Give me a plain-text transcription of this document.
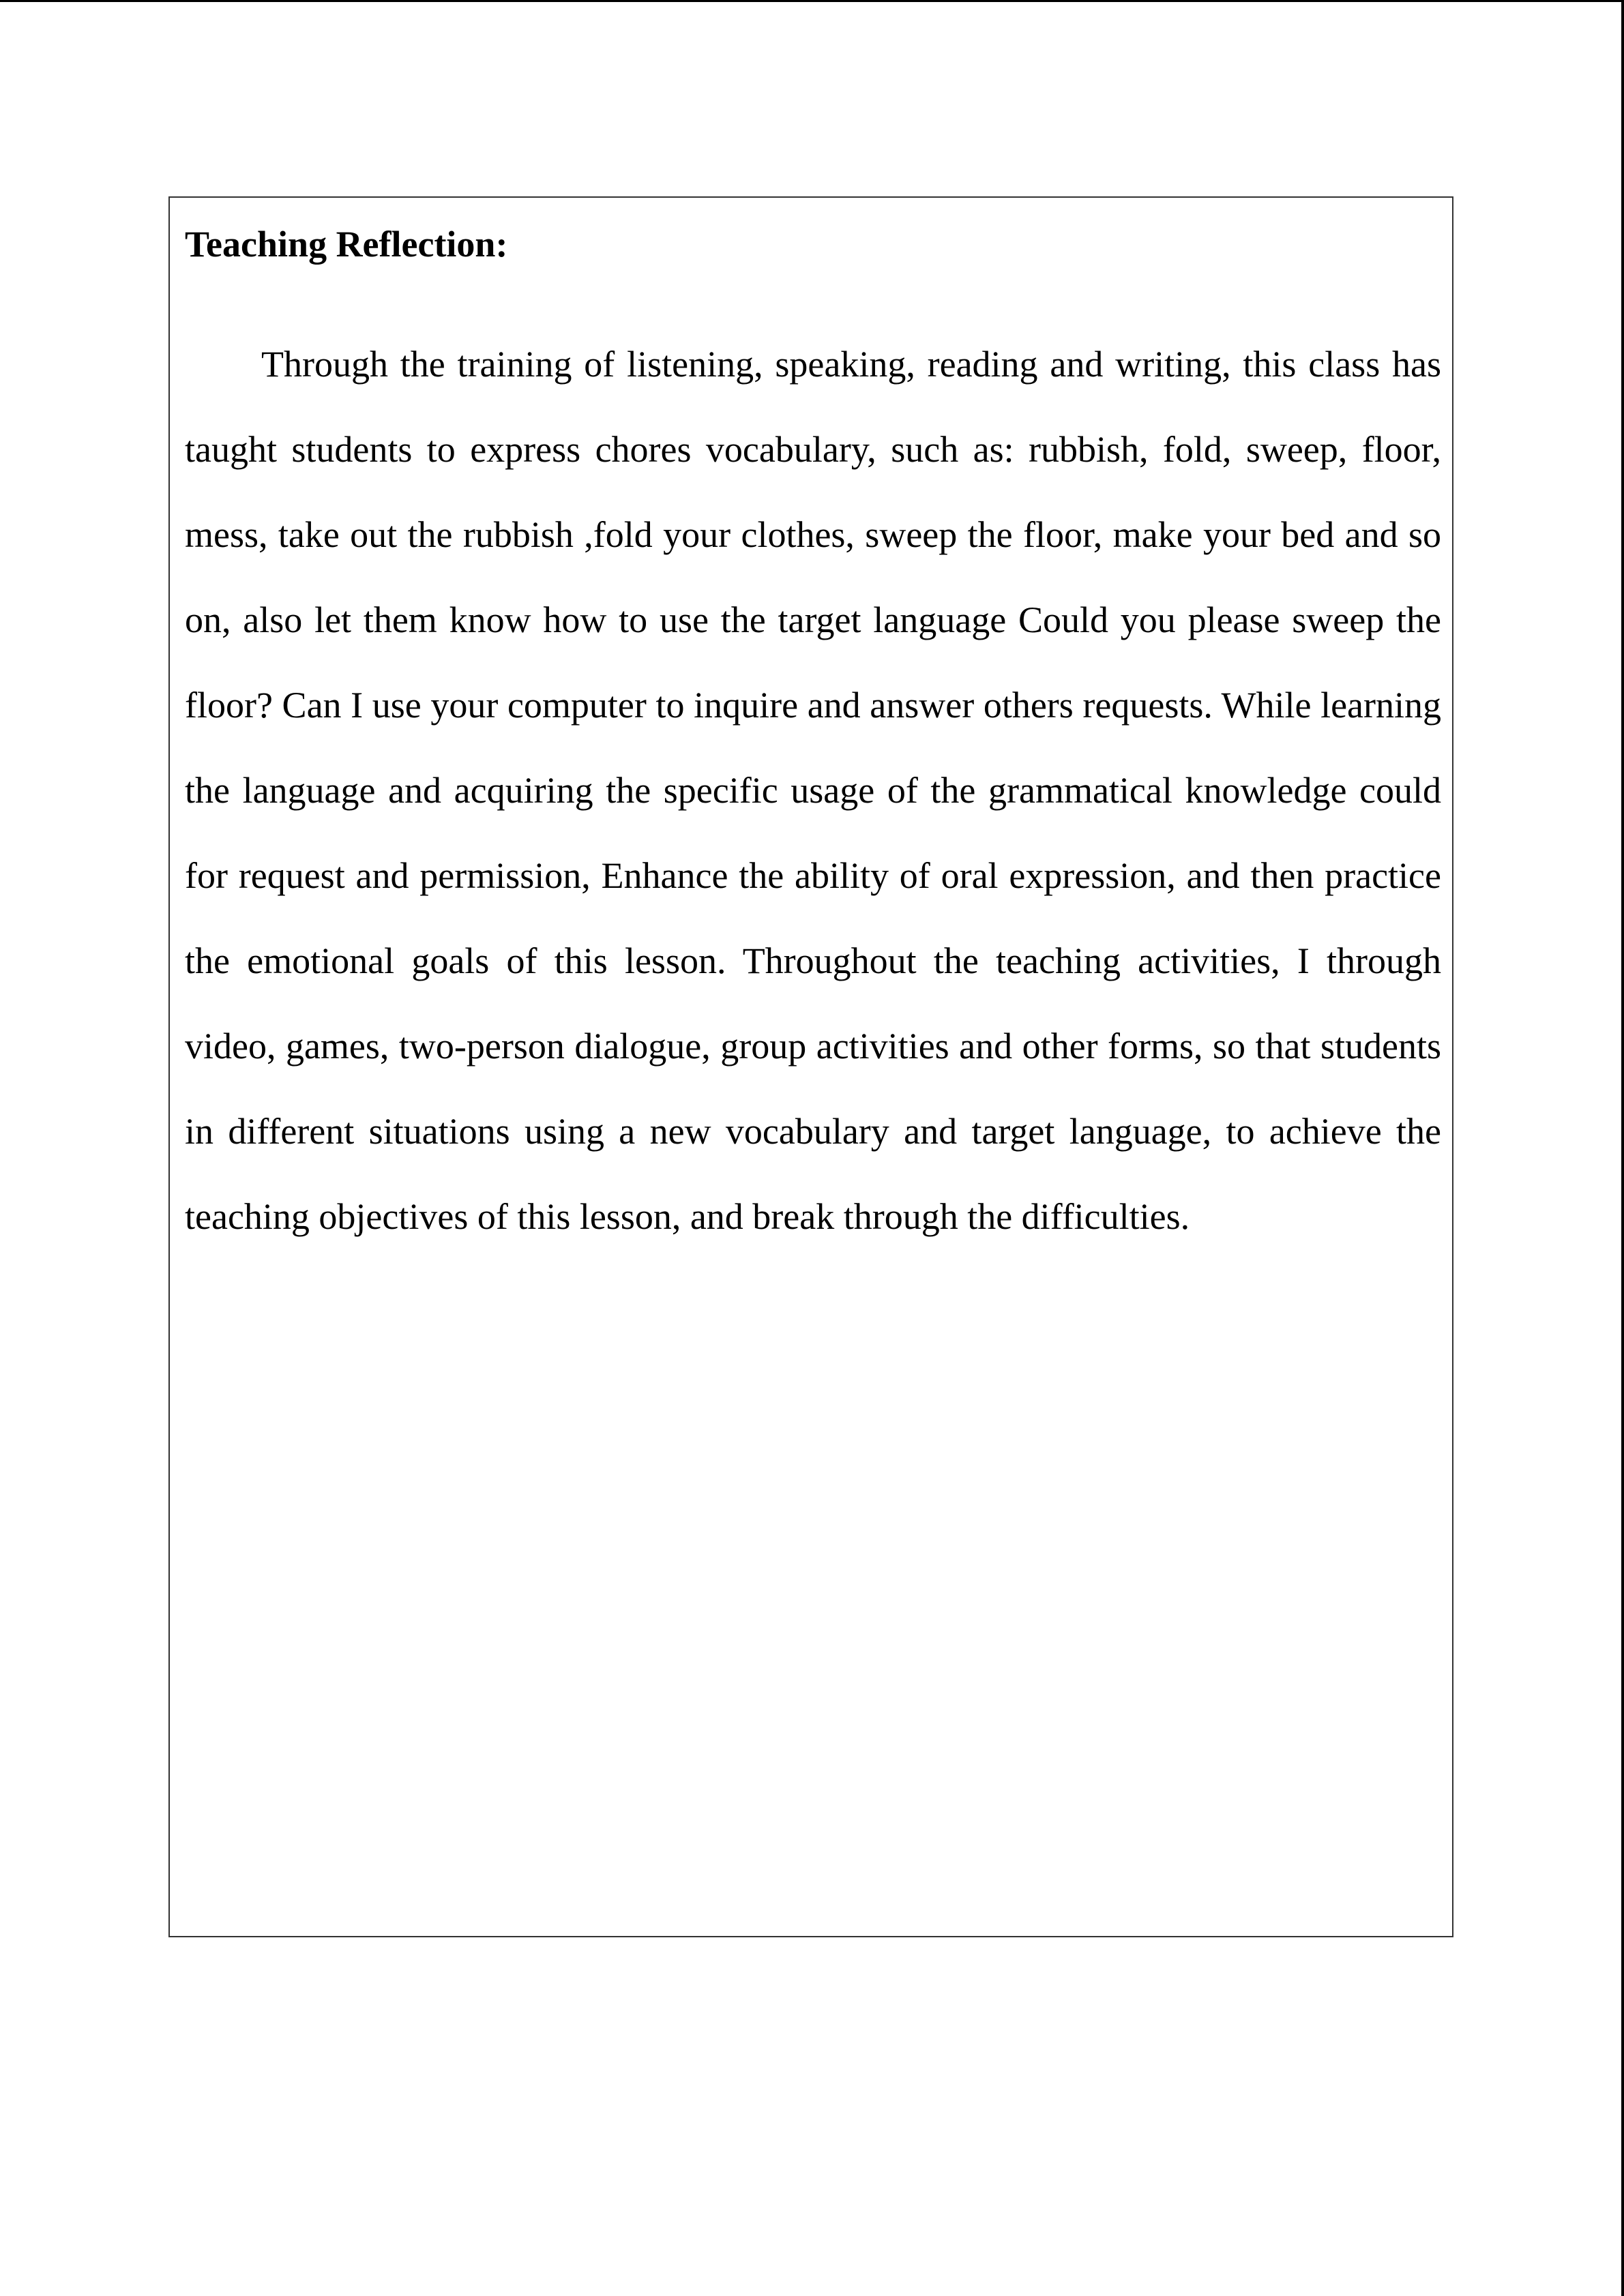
Teaching Reflection:

Through the training of listening, speaking, reading and writing, this class has taught students to express chores vocabulary, such as: rubbish, fold, sweep, floor, mess, take out the rubbish ,fold your clothes, sweep the floor, make your bed and so on, also let them know how to use the target language Could you please sweep the floor? Can I use your computer to inquire and answer others requests. While learning the language and acquiring the specific usage of the grammatical knowledge could for request and permission, Enhance the ability of oral expression, and then practice the emotional goals of this lesson. Throughout the teaching activities, I through video, games, two-person dialogue, group activities and other forms, so that students in different situations using a new vocabulary and target language, to achieve the teaching objectives of this lesson, and break through the difficulties.
